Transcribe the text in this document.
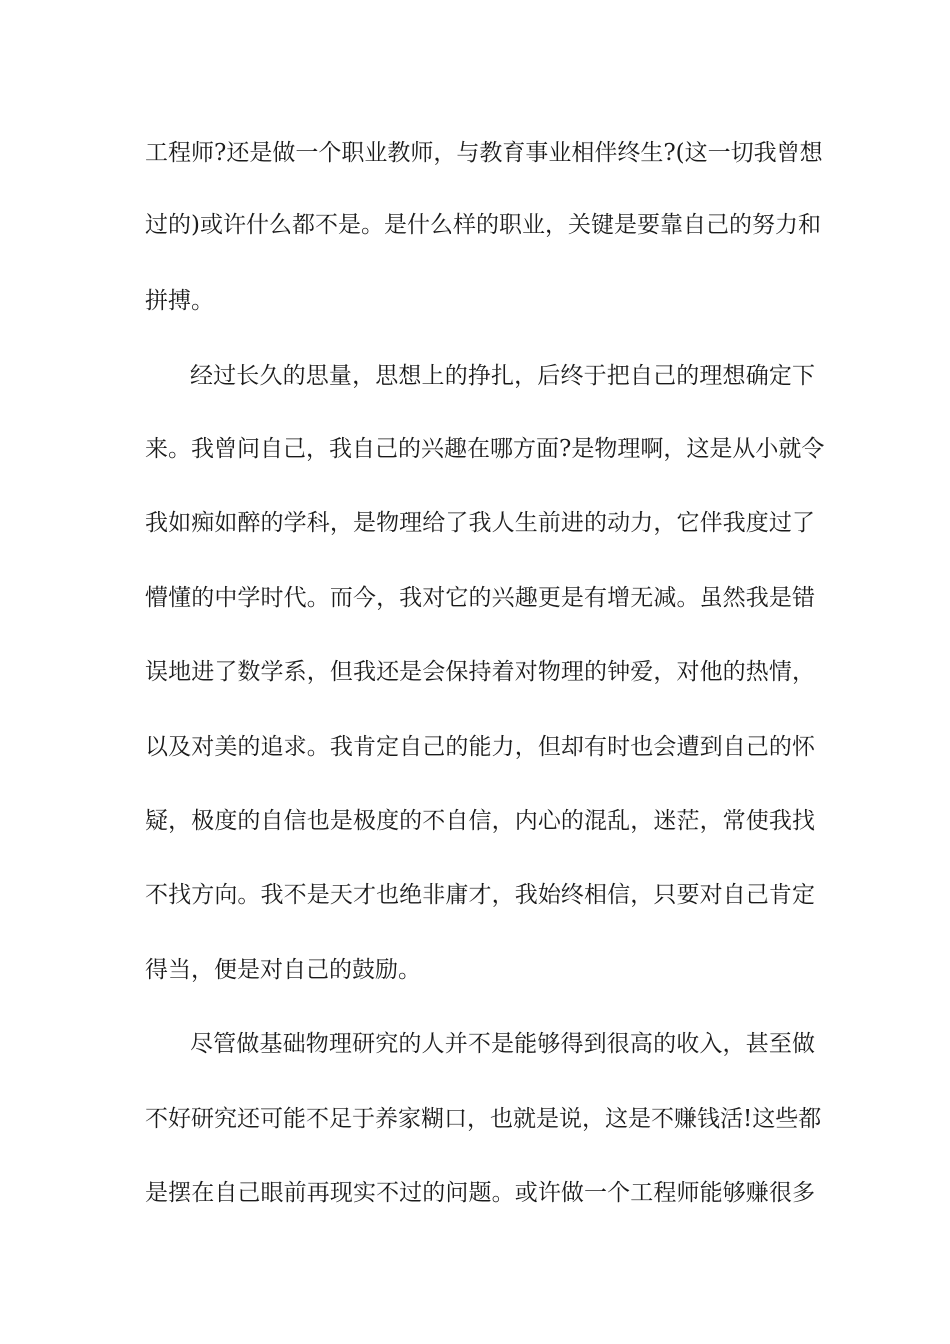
工程师?还是做一个职业教师，与教育事业相伴终生?(这一切我曾想
过的)或许什么都不是。是什么样的职业，关键是要靠自己的努力和
拼搏。
经过长久的思量，思想上的挣扎，后终于把自己的理想确定下
来。我曾问自己，我自己的兴趣在哪方面?是物理啊，这是从小就令
我如痴如醉的学科，是物理给了我人生前进的动力，它伴我度过了
懵懂的中学时代。而今，我对它的兴趣更是有增无减。虽然我是错
误地进了数学系，但我还是会保持着对物理的钟爱，对他的热情，
以及对美的追求。我肯定自己的能力，但却有时也会遭到自己的怀
疑，极度的自信也是极度的不自信，内心的混乱，迷茫，常使我找
不找方向。我不是天才也绝非庸才，我始终相信，只要对自己肯定
得当，便是对自己的鼓励。
尽管做基础物理研究的人并不是能够得到很高的收入，甚至做
不好研究还可能不足于养家糊口，也就是说，这是不赚钱活!这些都
是摆在自己眼前再现实不过的问题。或许做一个工程师能够赚很多
